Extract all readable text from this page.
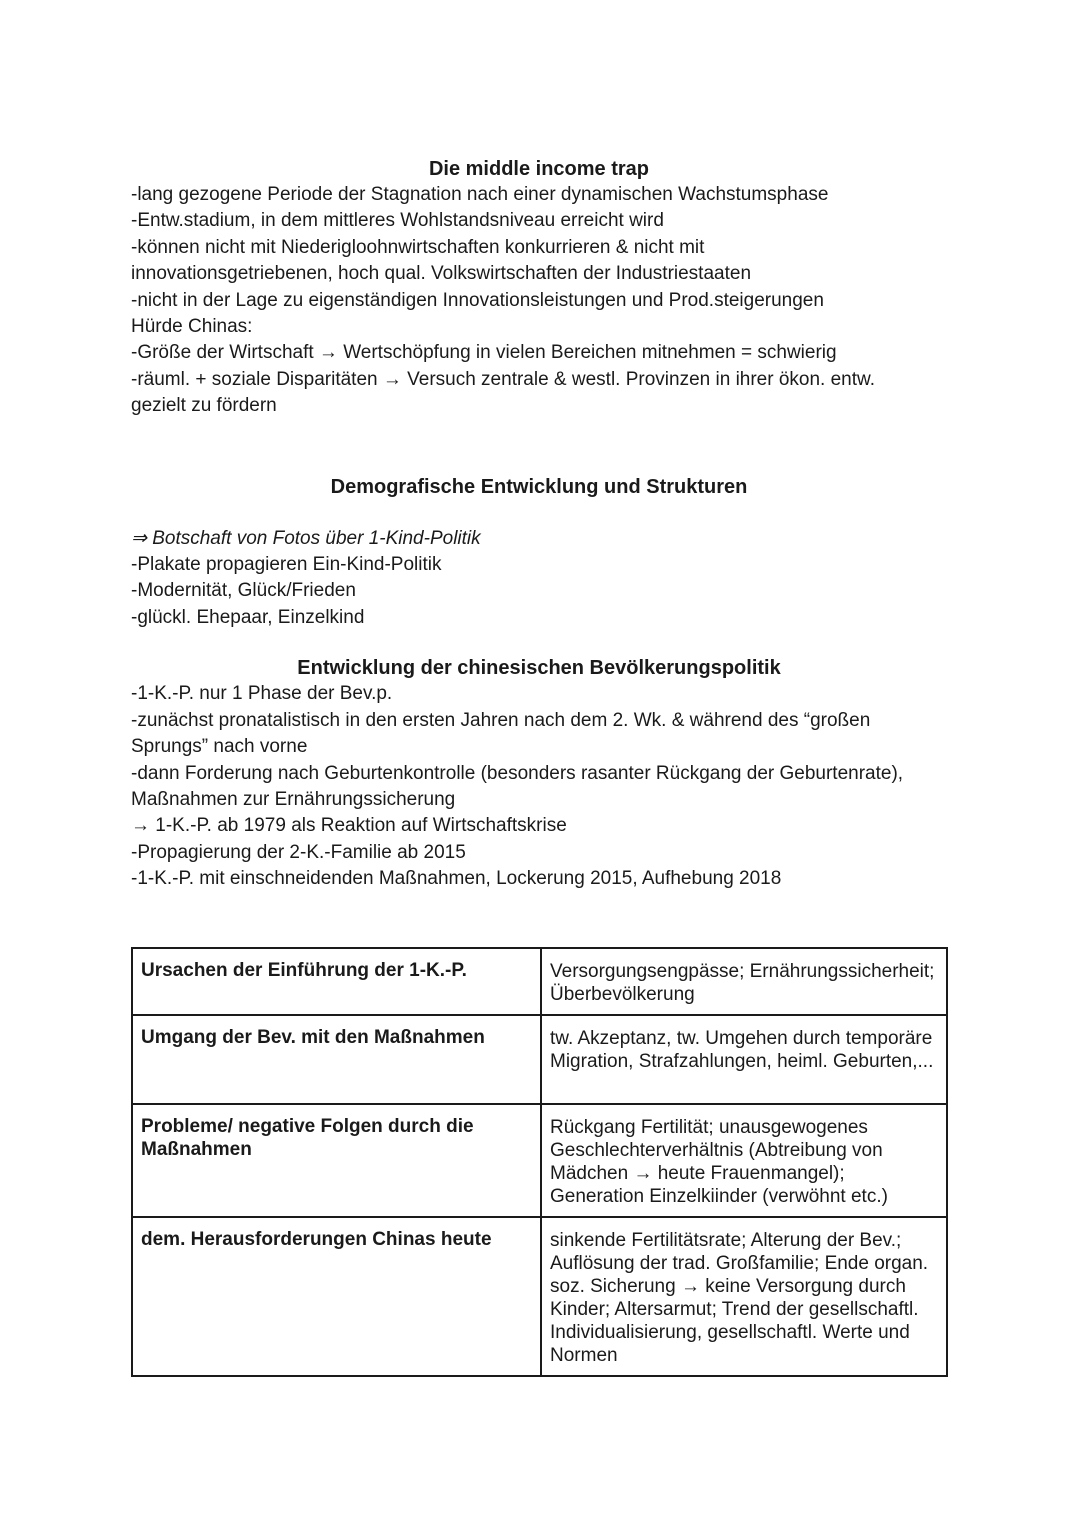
Die middle income trap

-lang gezogene Periode der Stagnation nach einer dynamischen Wachstumsphase

-Entw.stadium, in dem mittleres Wohlstandsniveau erreicht wird

-können nicht mit Niederigloohnwirtschaften konkurrieren & nicht mit

innovationsgetriebenen, hoch qual. Volkswirtschaften der Industriestaaten

-nicht in der Lage zu eigenständigen Innovationsleistungen und Prod.steigerungen

Hürde Chinas:

-Größe der Wirtschaft → Wertschöpfung in vielen Bereichen mitnehmen = schwierig

-räuml. + soziale Disparitäten → Versuch zentrale & westl. Provinzen in ihrer ökon. entw.

gezielt zu fördern

Demografische Entwicklung und Strukturen

⇒ Botschaft von Fotos über 1-Kind-Politik

-Plakate propagieren Ein-Kind-Politik

-Modernität, Glück/Frieden

-glückl. Ehepaar, Einzelkind

Entwicklung der chinesischen Bevölkerungspolitik

-1-K.-P. nur 1 Phase der Bev.p.

-zunächst pronatalistisch in den ersten Jahren nach dem 2. Wk. & während des “großen

Sprungs” nach vorne

-dann Forderung nach Geburtenkontrolle (besonders rasanter Rückgang der Geburtenrate),

Maßnahmen zur Ernährungssicherung

→ 1-K.-P. ab 1979 als Reaktion auf Wirtschaftskrise

-Propagierung der 2-K.-Familie ab 2015

-1-K.-P. mit einschneidenden Maßnahmen, Lockerung 2015, Aufhebung 2018

Ursachen der Einführung der 1-K.-P.	Versorgungsengpässe; Ernährungssicherheit; Überbevölkerung
Umgang der Bev. mit den Maßnahmen	tw. Akzeptanz, tw. Umgehen durch temporäre Migration, Strafzahlungen, heiml. Geburten,...
Probleme/ negative Folgen durch die Maßnahmen	Rückgang Fertilität; unausgewogenes Geschlechterverhältnis (Abtreibung von Mädchen → heute Frauenmangel); Generation Einzelkiinder (verwöhnt etc.)
dem. Herausforderungen Chinas heute	sinkende Fertilitätsrate; Alterung der Bev.; Auflösung der trad. Großfamilie; Ende organ. soz. Sicherung → keine Versorgung durch Kinder; Altersarmut; Trend der gesellschaftl. Individualisierung, gesellschaftl. Werte und Normen
